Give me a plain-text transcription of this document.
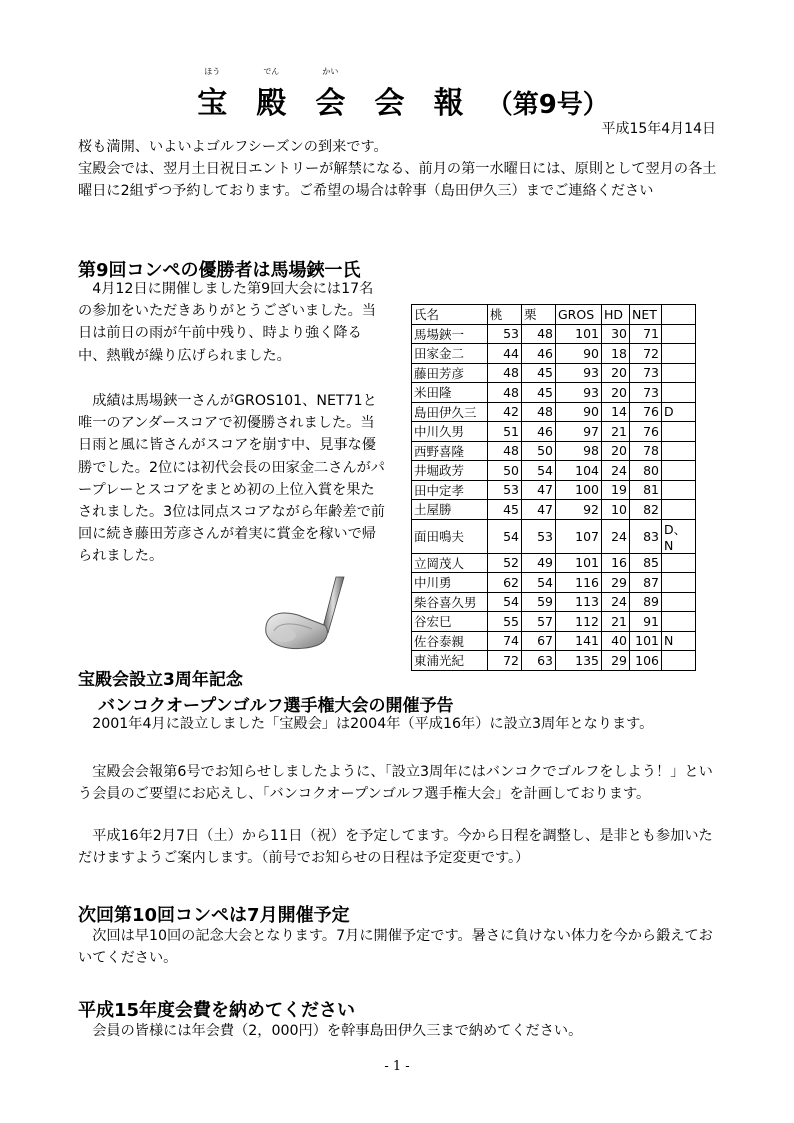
ほう
宝
でん
殿
かい
会 会 報 （第9号）
平成15年4月14日

桜も満開、いよいよゴルフシーズンの到来です。

宝殿会では、翌月土日祝日エントリーが解禁になる、前月の第一水曜日には、原則として翌月の各土曜日に2組ずつ予約しております。ご希望の場合は幹事（島田伊久三）までご連絡ください

第9回コンペの優勝者は馬場鋏一氏

　4月12日に開催しました第9回大会には17名の参加をいただきありがとうございました。当日は前日の雨が午前中残り、時より強く降る中、熱戦が繰り広げられました。

　成績は馬場鋏一さんがGROS101、NET71と唯一のアンダースコアで初優勝されました。当日雨と風に皆さんがスコアを崩す中、見事な優勝でした。2位には初代会長の田家金二さんがパープレーとスコアをまとめ初の上位入賞を果たされました。3位は同点スコアながら年齢差で前回に続き藤田芳彦さんが着実に賞金を稼いで帰られました。

氏名	桃	栗	GROS	HD	NET	
馬場鋏一	53	48	101	30	71	
田家金二	44	46	90	18	72	
藤田芳彦	48	45	93	20	73	
米田隆	48	45	93	20	73	
島田伊久三	42	48	90	14	76	D
中川久男	51	46	97	21	76	
西野喜隆	48	50	98	20	78	
井堀政芳	50	54	104	24	80	
田中定孝	53	47	100	19	81	
土屋勝	45	47	92	10	82	
面田鳴夫	54	53	107	24	83	D、N
立岡茂人	52	49	101	16	85	
中川勇	62	54	116	29	87	
柴谷喜久男	54	59	113	24	89	
谷宏巳	55	57	112	21	91	
佐谷泰親	74	67	141	40	101	N
東浦光紀	72	63	135	29	106	
宝殿会設立3周年記念
バンコクオープンゴルフ選手権大会の開催予告

　2001年4月に設立しました「宝殿会」は2004年（平成16年）に設立3周年となります。

　宝殿会会報第6号でお知らせしましたように、「設立3周年にはバンコクでゴルフをしよう！」という会員のご要望にお応えし、「バンコクオープンゴルフ選手権大会」を計画しております。

　平成16年2月7日（土）から11日（祝）を予定してます。今から日程を調整し、是非とも参加いただけますようご案内します。（前号でお知らせの日程は予定変更です。）

次回第10回コンペは7月開催予定

　次回は早10回の記念大会となります。7月に開催予定です。暑さに負けない体力を今から鍛えておいてください。

平成15年度会費を納めてください

　会員の皆様には年会費（2，000円）を幹事島田伊久三まで納めてください。

- 1 -
